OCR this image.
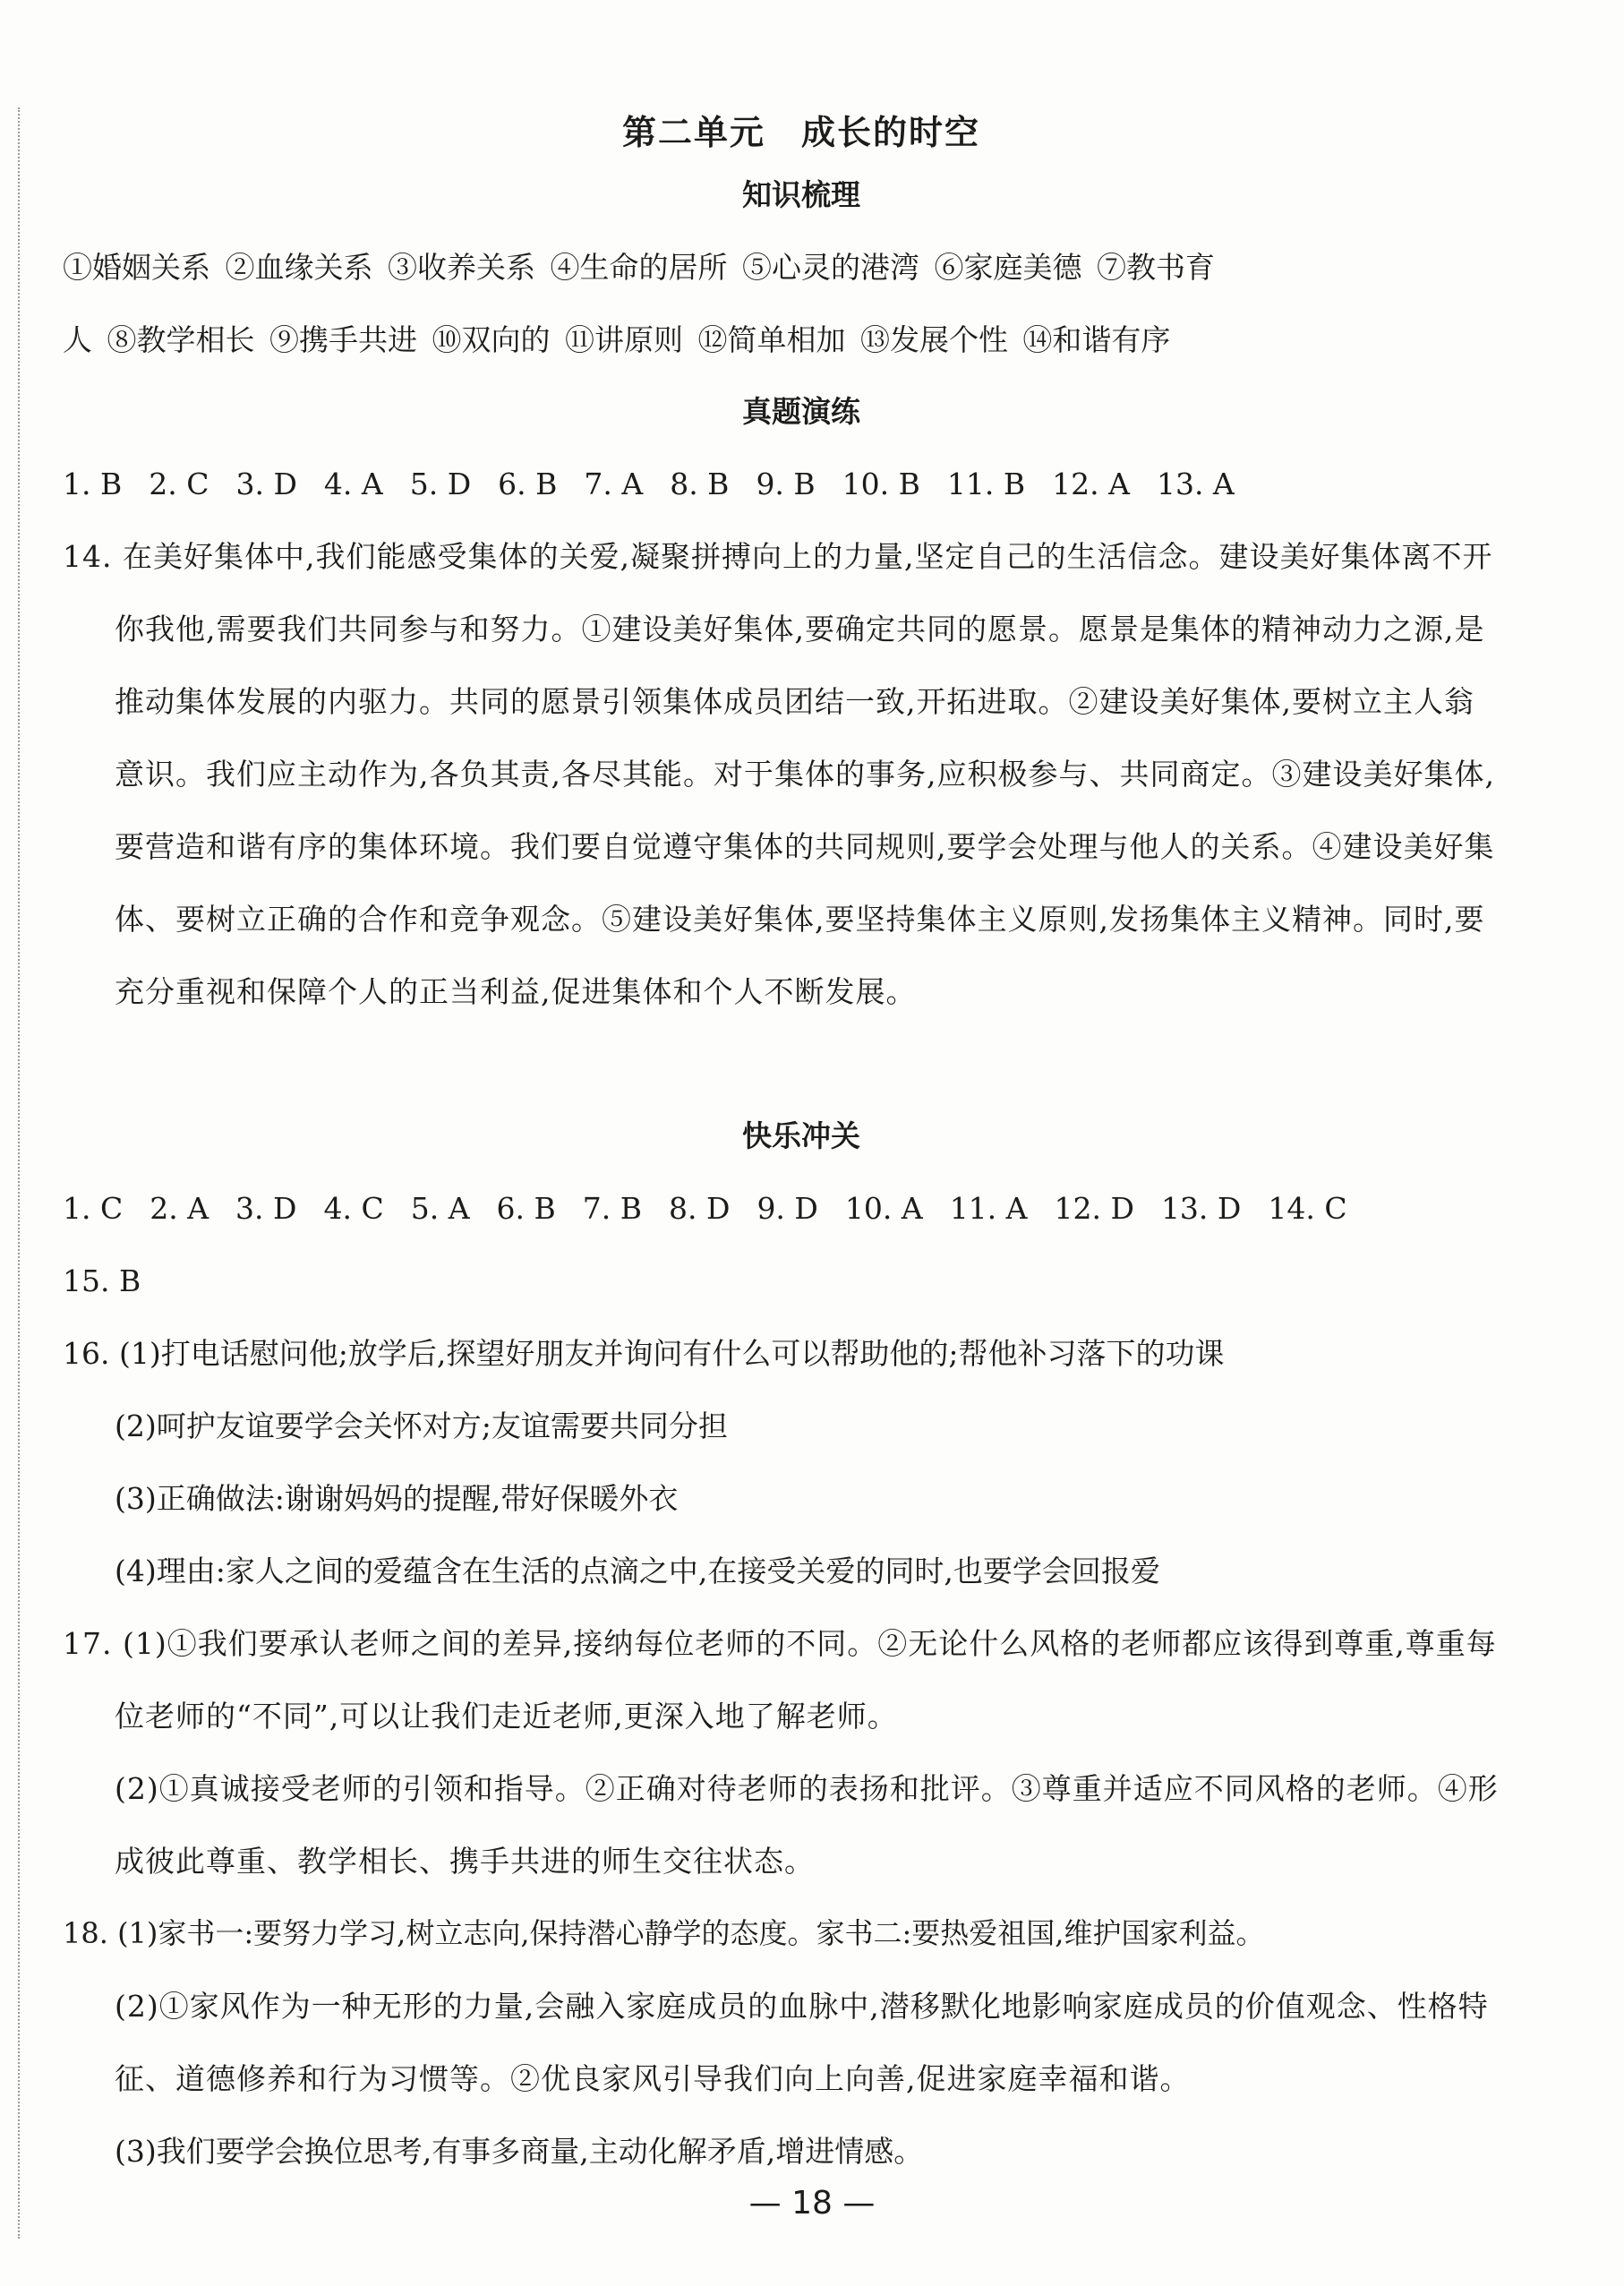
第二单元 成长的时空
知识梳理
①婚姻关系 ②血缘关系 ③收养关系 ④生命的居所 ⑤心灵的港湾 ⑥家庭美德 ⑦教书育
人 ⑧教学相长 ⑨携手共进 ⑩双向的 ⑪讲原则 ⑫简单相加 ⑬发展个性 ⑭和谐有序
真题演练
1. B 2. C 3. D 4. A 5. D 6. B 7. A 8. B 9. B 10. B 11. B 12. A 13. A
14. 在美好集体中,我们能感受集体的关爱,凝聚拼搏向上的力量,坚定自己的生活信念。建设美好集体离不开你我他,需要我们共同参与和努力。①建设美好集体,要确定共同的愿景。愿景是集体的精神动力之源,是推动集体发展的内驱力。共同的愿景引领集体成员团结一致,开拓进取。②建设美好集体,要树立主人翁意识。我们应主动作为,各负其责,各尽其能。对于集体的事务,应积极参与、共同商定。③建设美好集体,要营造和谐有序的集体环境。我们要自觉遵守集体的共同规则,要学会处理与他人的关系。④建设美好集体、要树立正确的合作和竞争观念。⑤建设美好集体,要坚持集体主义原则,发扬集体主义精神。同时,要充分重视和保障个人的正当利益,促进集体和个人不断发展。
快乐冲关
1. C 2. A 3. D 4. C 5. A 6. B 7. B 8. D 9. D 10. A 11. A 12. D 13. D 14. C
15. B
16. (1)打电话慰问他;放学后,探望好朋友并询问有什么可以帮助他的;帮他补习落下的功课
(2)呵护友谊要学会关怀对方;友谊需要共同分担
(3)正确做法:谢谢妈妈的提醒,带好保暖外衣
(4)理由:家人之间的爱蕴含在生活的点滴之中,在接受关爱的同时,也要学会回报爱
17. (1)①我们要承认老师之间的差异,接纳每位老师的不同。②无论什么风格的老师都应该得到尊重,尊重每位老师的“不同”,可以让我们走近老师,更深入地了解老师。
(2)①真诚接受老师的引领和指导。②正确对待老师的表扬和批评。③尊重并适应不同风格的老师。④形成彼此尊重、教学相长、携手共进的师生交往状态。
18. (1)家书一:要努力学习,树立志向,保持潜心静学的态度。家书二:要热爱祖国,维护国家利益。
(2)①家风作为一种无形的力量,会融入家庭成员的血脉中,潜移默化地影响家庭成员的价值观念、性格特征、道德修养和行为习惯等。②优良家风引导我们向上向善,促进家庭幸福和谐。
(3)我们要学会换位思考,有事多商量,主动化解矛盾,增进情感。
— 18 —
